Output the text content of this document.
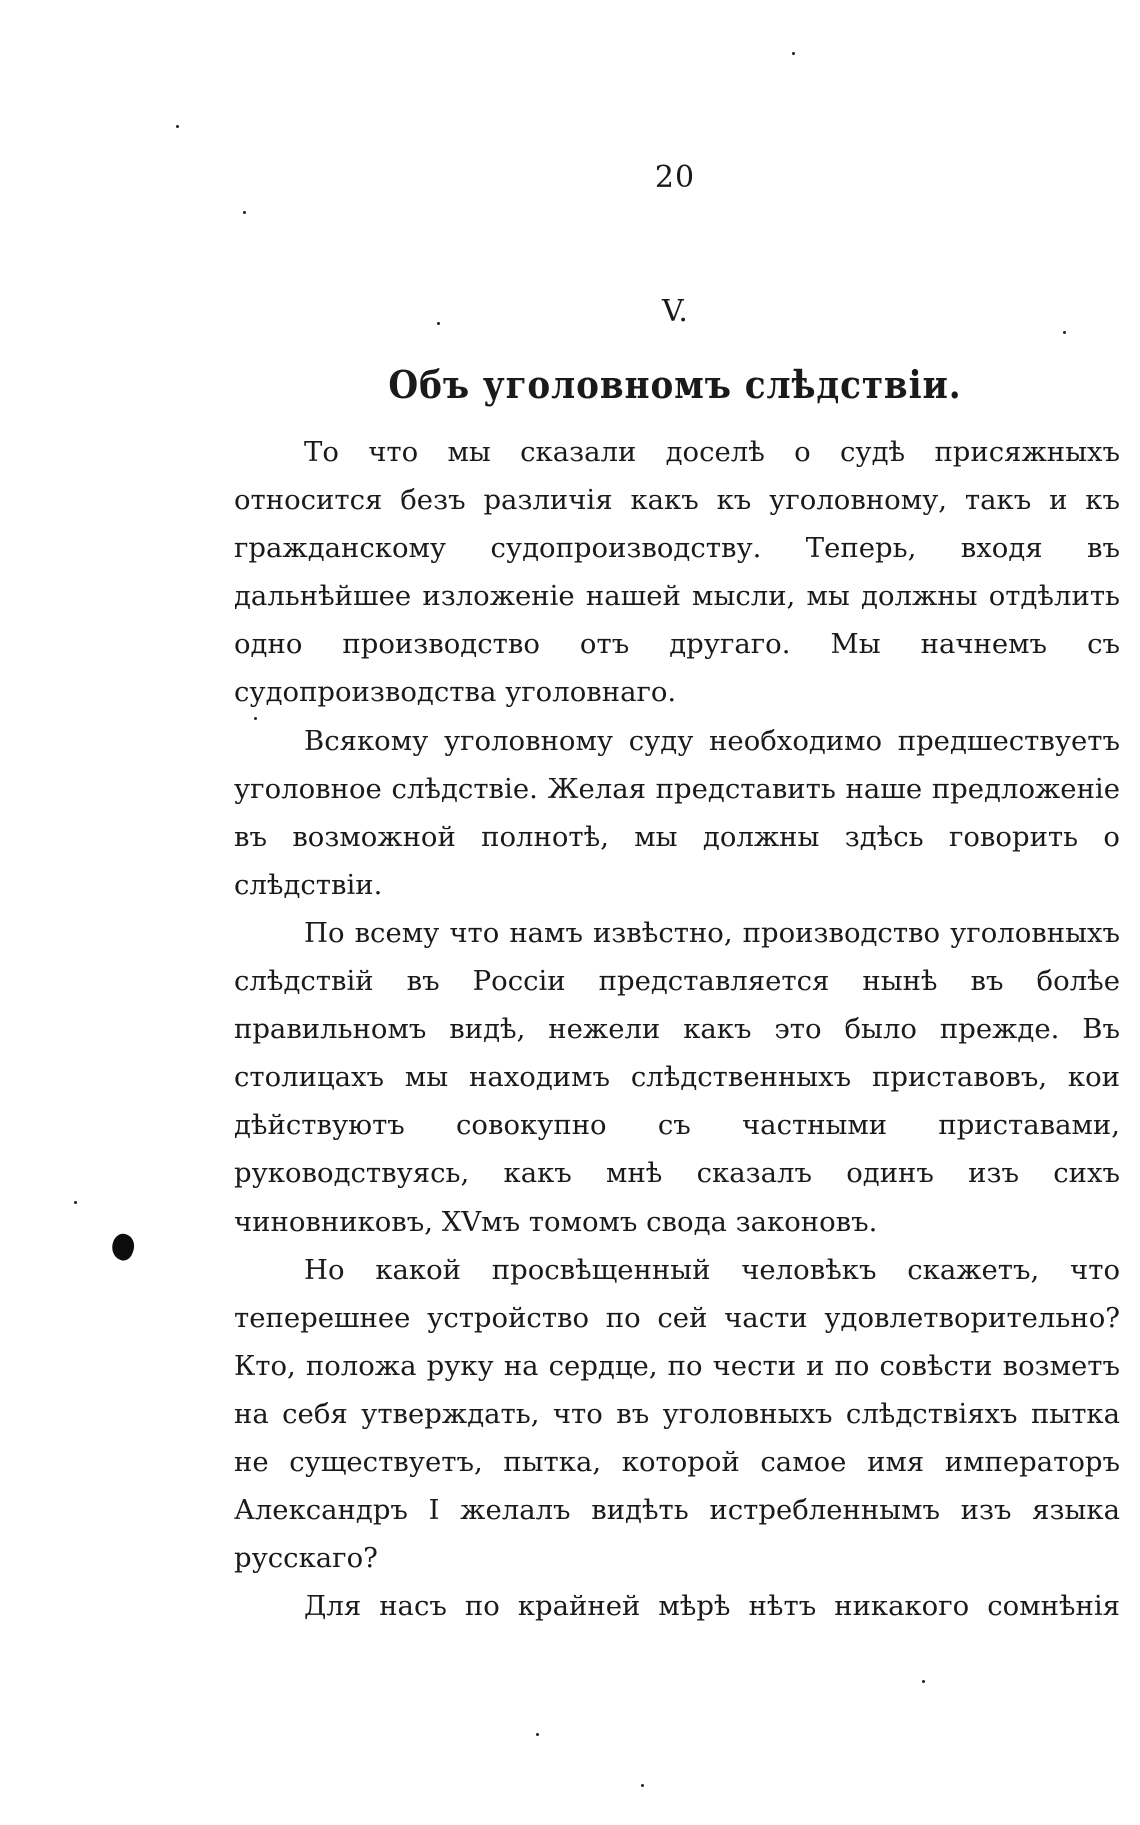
20
V.
Объ уголовномъ слѣдствіи.

То что мы сказали доселѣ о судѣ присяжныхъ относится безъ различія какъ къ уголовному, такъ и къ гражданскому судопроизводству. Теперь, входя въ дальнѣйшее изложеніе нашей мысли, мы должны отдѣлить одно производство отъ другаго. Мы начнемъ съ судопроизводства уголовнаго.

Всякому уголовному суду необходимо предшествуетъ уголовное слѣдствіе. Желая представить наше предложеніе въ возможной полнотѣ, мы должны здѣсь говорить о слѣдствіи.

По всему что намъ извѣстно, производство уголовныхъ слѣдствій въ Россіи представляется нынѣ въ болѣе правильномъ видѣ, нежели какъ это было прежде. Въ столицахъ мы находимъ слѣдственныхъ приставовъ, кои дѣйствуютъ совокупно съ частными приставами, руководствуясь, какъ мнѣ сказалъ одинъ изъ сихъ чиновниковъ, XVмъ томомъ свода законовъ.

Но какой просвѣщенный человѣкъ скажетъ, что теперешнее устройство по сей части удовлетворительно? Кто, положа руку на сердце, по чести и по совѣсти возметъ на себя утверждать, что въ уголовныхъ слѣдствіяхъ пытка не существуетъ, пытка, которой самое имя императоръ Александръ I желалъ видѣть истребленнымъ изъ языка русскаго?

Для насъ по крайней мѣрѣ нѣтъ никакого сомнѣнія
